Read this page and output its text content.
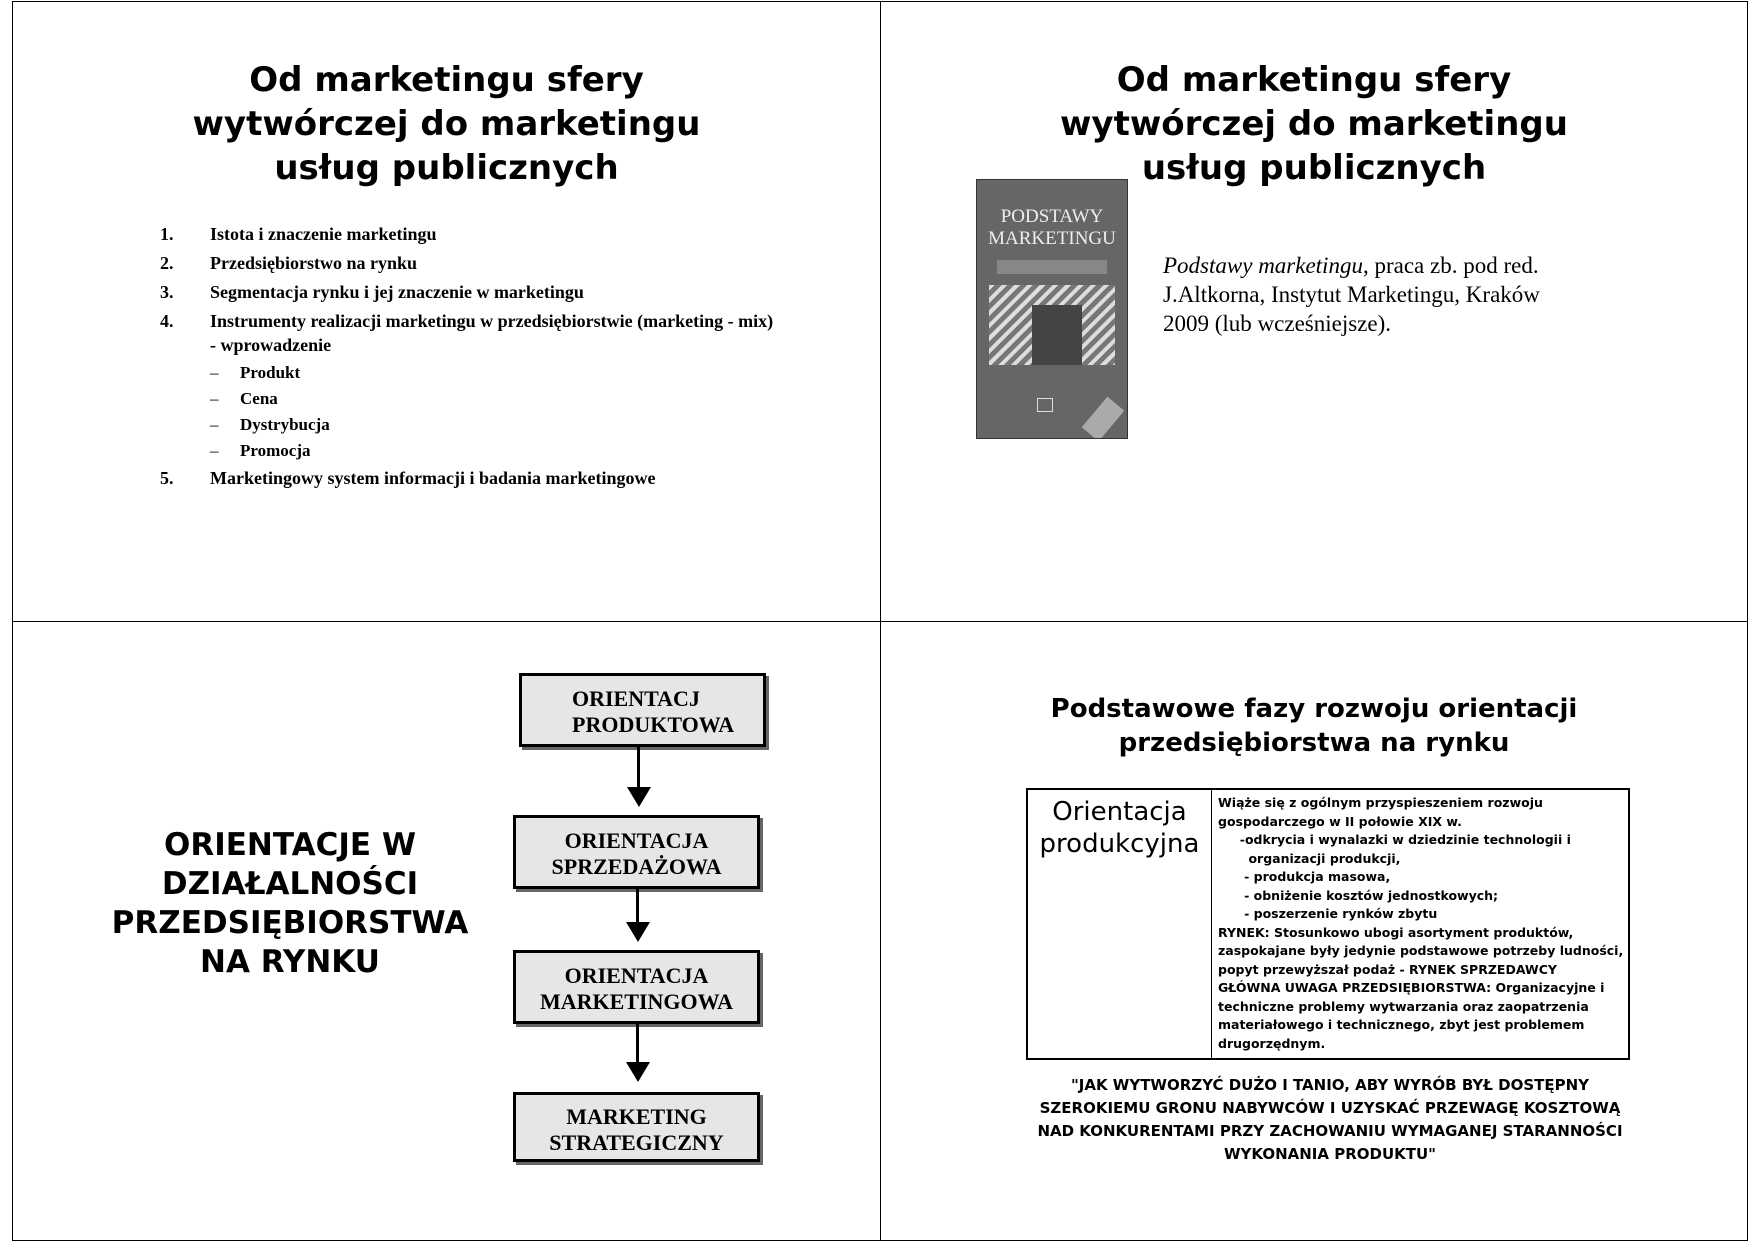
Od marketingu sfery
wytwórczej do marketingu
usług publicznych
1. Istota i znaczenie marketingu
2. Przedsiębiorstwo na rynku
3. Segmentacja rynku i jej znaczenie w marketingu
4. Instrumenty realizacji marketingu w przedsiębiorstwie (marketing - mix) - wprowadzenie
– Produkt
– Cena
– Dystrybucja
– Promocja
5. Marketingowy system informacji i badania marketingowe
PODSTAWY
MARKETINGU
Podstawy marketingu, praca zb. pod red. J.Altkorna, Instytut Marketingu, Kraków 2009 (lub wcześniejsze).
Od marketingu sfery
wytwórczej do marketingu
usług publicznych
ORIENTACJE W
DZIAŁALNOŚCI
PRZEDSIĘBIORSTWA
NA RYNKU
ORIENTACJ
PRODUKTOWA
ORIENTACJA
SPRZEDAŻOWA
ORIENTACJA
MARKETINGOWA
MARKETING
STRATEGICZNY
Podstawowe fazy rozwoju orientacji
przedsiębiorstwa na rynku
Orientacja
produkcyjna
Wiąże się z ogólnym przyspieszeniem rozwoju
gospodarczego w II połowie XIX w.
-odkrycia i wynalazki w dziedzinie technologii i
organizacji produkcji,
- produkcja masowa,
- obniżenie kosztów jednostkowych;
- poszerzenie rynków zbytu
RYNEK: Stosunkowo ubogi asortyment produktów,
zaspokajane były jedynie podstawowe potrzeby ludności,
popyt przewyższał podaż - RYNEK SPRZEDAWCY
GŁÓWNA UWAGA PRZEDSIĘBIORSTWA: Organizacyjne i
techniczne problemy wytwarzania oraz zaopatrzenia
materiałowego i technicznego, zbyt jest problemem
drugorzędnym.
"JAK WYTWORZYĆ DUŻO I TANIO, ABY WYRÓB BYŁ DOSTĘPNY
SZEROKIEMU GRONU NABYWCÓW I UZYSKAĆ PRZEWAGĘ KOSZTOWĄ
NAD KONKURENTAMI PRZY ZACHOWANIU WYMAGANEJ STARANNOŚCI
WYKONANIA PRODUKTU"
